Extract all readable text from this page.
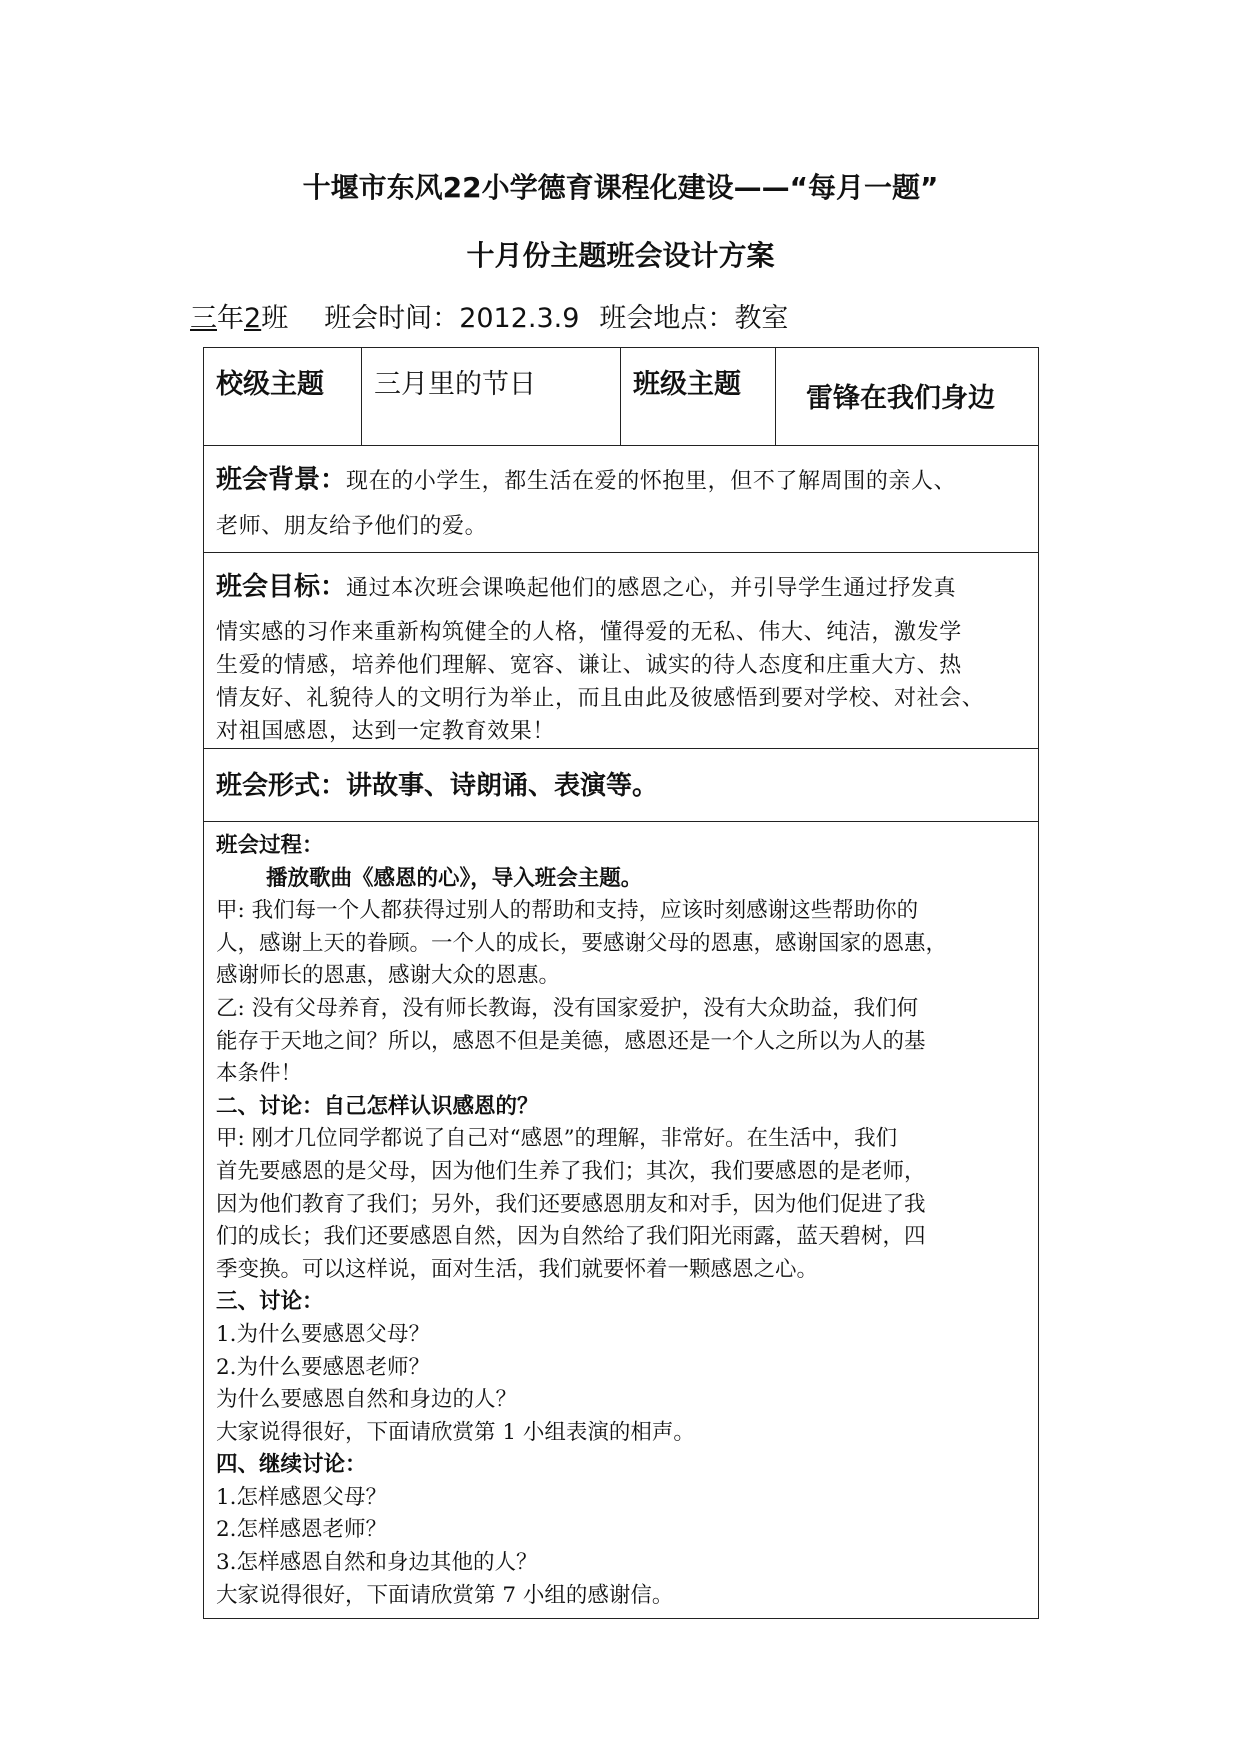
十堰市东风22小学德育课程化建设——“每月一题”
十月份主题班会设计方案
三年2班 班会时间：2012.3.9 班会地点：教室
校级主题	三月里的节日	班级主题	雷锋在我们身边
班会背景：现在的小学生，都生活在爱的怀抱里，但不了解周围的亲人、
老师、朋友给予他们的爱。
班会目标：通过本次班会课唤起他们的感恩之心，并引导学生通过抒发真
情实感的习作来重新构筑健全的人格，懂得爱的无私、伟大、纯洁，激发学
生爱的情感，培养他们理解、宽容、谦让、诚实的待人态度和庄重大方、热
情友好、礼貌待人的文明行为举止，而且由此及彼感悟到要对学校、对社会、
对祖国感恩，达到一定教育效果！
班会形式：讲故事、诗朗诵、表演等。
班会过程：
播放歌曲《感恩的心》，导入班会主题。
甲: 我们每一个人都获得过别人的帮助和支持，应该时刻感谢这些帮助你的
人，感谢上天的眷顾。一个人的成长，要感谢父母的恩惠，感谢国家的恩惠，
感谢师长的恩惠，感谢大众的恩惠。
乙: 没有父母养育，没有师长教诲，没有国家爱护，没有大众助益，我们何
能存于天地之间？所以，感恩不但是美德，感恩还是一个人之所以为人的基
本条件！
二、讨论：自己怎样认识感恩的？
甲: 刚才几位同学都说了自己对“感恩”的理解，非常好。在生活中，我们
首先要感恩的是父母，因为他们生养了我们；其次，我们要感恩的是老师，
因为他们教育了我们；另外，我们还要感恩朋友和对手，因为他们促进了我
们的成长；我们还要感恩自然，因为自然给了我们阳光雨露，蓝天碧树，四
季变换。可以这样说，面对生活，我们就要怀着一颗感恩之心。
三、讨论：
1.为什么要感恩父母？
2.为什么要感恩老师？
为什么要感恩自然和身边的人？
大家说得很好，下面请欣赏第 1 小组表演的相声。
四、继续讨论：
1.怎样感恩父母？
2.怎样感恩老师？
3.怎样感恩自然和身边其他的人？
大家说得很好，下面请欣赏第 7 小组的感谢信。
